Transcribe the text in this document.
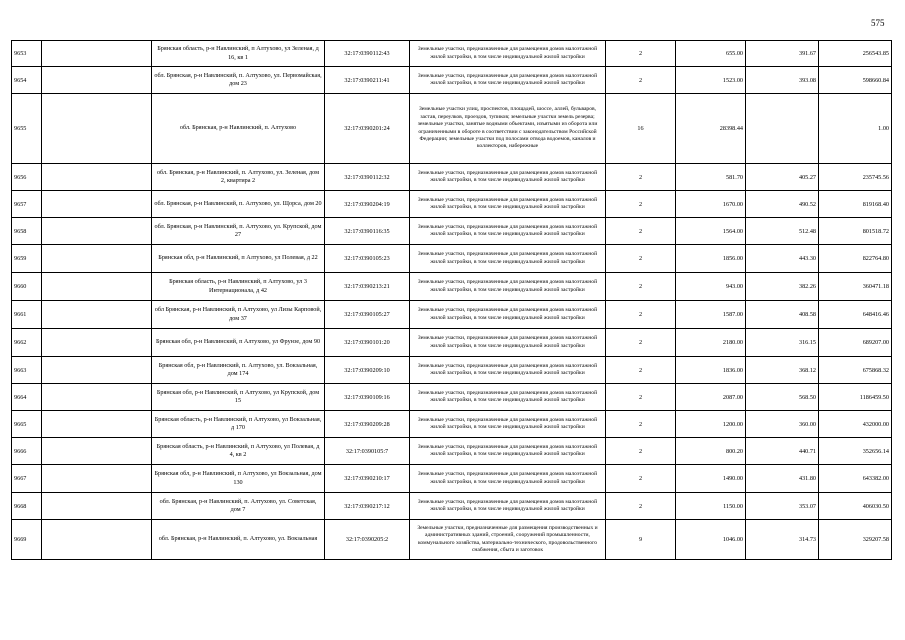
575
9653		Брянская область, р-н Навлинский, п Алтухово, ул Зеленая, д 16, кв 1	32:17:0390112:43	Земельные участки, предназначенные для размещения домов малоэтажной жилой застройки, в том числе индивидуальной жилой застройки	2	655.00	391.67	256543.85
9654		обл. Брянская, р-н Навлинский, п. Алтухово, ул. Первомайская, дом 23	32:17:0390211:41	Земельные участки, предназначенные для размещения домов малоэтажной жилой застройки, в том числе индивидуальной жилой застройки	2	1523.00	393.08	598660.84
9655		обл. Брянская, р-н Навлинский, п. Алтухово	32:17:0390201:24	Земельные участки улиц, проспектов, площадей, шоссе, аллей, бульваров, застав, переулков, проездов, тупиков; земельные участки земель резерва; земельные участки, занятые водными объектами, изъятыми из оборота или ограниченными в обороте в соответствии с законодательством Российской Федерации; земельные участки под полосами отвода водоемов, каналов и коллекторов, набережные	16	28398.44		1.00
9656		обл. Брянская, р-н Навлинский, п. Алтухово, ул. Зеленая, дом 2, квартира 2	32:17:0390112:32	Земельные участки, предназначенные для размещения домов малоэтажной жилой застройки, в том числе индивидуальной жилой застройки	2	581.70	405.27	235745.56
9657		обл. Брянская, р-н Навлинский, п. Алтухово, ул. Щорса, дом 20	32:17:0390204:19	Земельные участки, предназначенные для размещения домов малоэтажной жилой застройки, в том числе индивидуальной жилой застройки	2	1670.00	490.52	819168.40
9658		обл. Брянская, р-н Навлинский, п. Алтухово, ул. Крупской, дом 27	32:17:0390116:35	Земельные участки, предназначенные для размещения домов малоэтажной жилой застройки, в том числе индивидуальной жилой застройки	2	1564.00	512.48	801518.72
9659		Брянская обл, р-н Навлинский, п Алтухово, ул Полевая, д 22	32:17:0390105:23	Земельные участки, предназначенные для размещения домов малоэтажной жилой застройки, в том числе индивидуальной жилой застройки	2	1856.00	443.30	822764.80
9660		Брянская область, р-н Навлинский, п Алтухово, ул 3 Интернационала, д 42	32:17:0390213:21	Земельные участки, предназначенные для размещения домов малоэтажной жилой застройки, в том числе индивидуальной жилой застройки	2	943.00	382.26	360471.18
9661		обл Брянская, р-н Навлинский, п Алтухово, ул Лизы Карповой, дом 37	32:17:0390105:27	Земельные участки, предназначенные для размещения домов малоэтажной жилой застройки, в том числе индивидуальной жилой застройки	2	1587.00	408.58	648416.46
9662		Брянская обл, р-н Навлинский, п Алтухово, ул Фрунзе, дом 90	32:17:0390101:20	Земельные участки, предназначенные для размещения домов малоэтажной жилой застройки, в том числе индивидуальной жилой застройки	2	2180.00	316.15	689207.00
9663		Брянская обл, р-н Навлинский, п. Алтухово, ул. Вокзальная, дом 174	32:17:0390209:10	Земельные участки, предназначенные для размещения домов малоэтажной жилой застройки, в том числе индивидуальной жилой застройки	2	1836.00	368.12	675868.32
9664		Брянская обл, р-н Навлинский, п Алтухово, ул Крупской, дом 15	32:17:0390109:16	Земельные участки, предназначенные для размещения домов малоэтажной жилой застройки, в том числе индивидуальной жилой застройки	2	2087.00	568.50	1186459.50
9665		Брянская область, р-н Навлинский, п Алтухово, ул Вокзальная, д 170	32:17:0390209:28	Земельные участки, предназначенные для размещения домов малоэтажной жилой застройки, в том числе индивидуальной жилой застройки	2	1200.00	360.00	432000.00
9666		Брянская область, р-н Навлинский, п Алтухово, ул Полевая, д 4, кв 2	32:17:0390105:7	Земельные участки, предназначенные для размещения домов малоэтажной жилой застройки, в том числе индивидуальной жилой застройки	2	800.20	440.71	352656.14
9667		Брянская обл, р-н Навлинский, п Алтухово, ул Вокзальная, дом 130	32:17:0390210:17	Земельные участки, предназначенные для размещения домов малоэтажной жилой застройки, в том числе индивидуальной жилой застройки	2	1490.00	431.80	643382.00
9668		обл. Брянская, р-н Навлинский, п. Алтухово, ул. Советская, дом 7	32:17:0390217:12	Земельные участки, предназначенные для размещения домов малоэтажной жилой застройки, в том числе индивидуальной жилой застройки	2	1150.00	353.07	406030.50
9669		обл. Брянская, р-н Навлинский, п. Алтухово, ул. Вокзальная	32:17:0390205:2	Земельные участки, предназначенные для размещения производственных и административных зданий, строений, сооружений промышленности, коммунального хозяйства, материально-технического, продовольственного снабжения, сбыта и заготовок	9	1046.00	314.73	329207.58
